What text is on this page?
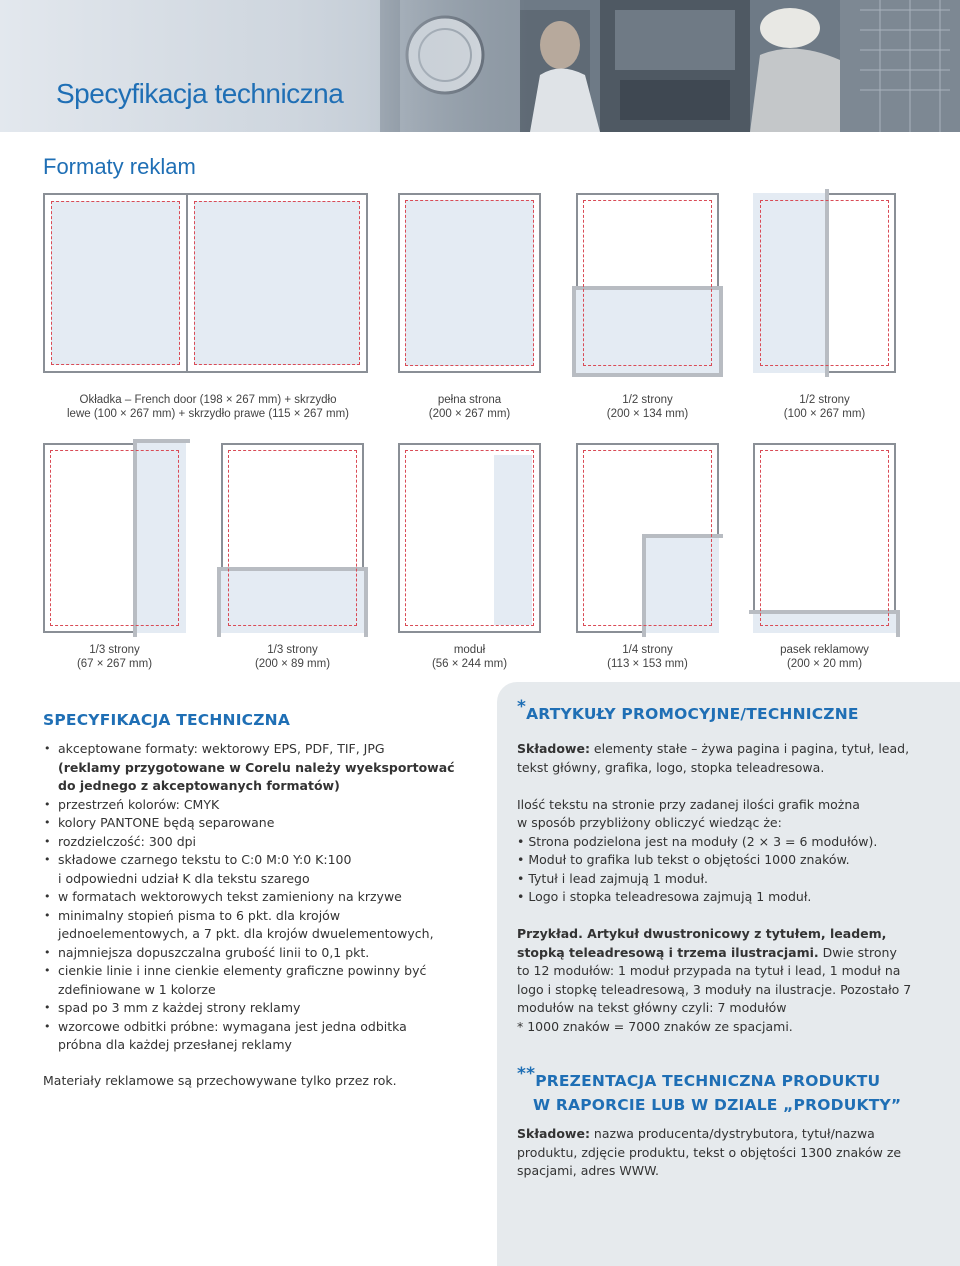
Specyfikacja techniczna
Formaty reklam
Okładka – French door (198 × 267 mm) + skrzydło
lewe (100 × 267 mm) + skrzydło prawe (115 × 267 mm)
pełna strona
(200 × 267 mm)
1/2 strony
(200 × 134 mm)
1/2 strony
(100 × 267 mm)
1/3 strony
(67 × 267 mm)
1/3 strony
(200 × 89 mm)
moduł
(56 × 244 mm)
1/4 strony
(113 × 153 mm)
pasek reklamowy
(200 × 20 mm)
SPECYFIKACJA TECHNICZNA
• akceptowane formaty: wektorowy EPS, PDF, TIF, JPG
(reklamy przygotowane w Corelu należy wyeksportować
do jednego z akceptowanych formatów)
• przestrzeń kolorów: CMYK
• kolory PANTONE będą separowane
• rozdzielczość: 300 dpi
• składowe czarnego tekstu to C:0 M:0 Y:0 K:100
i odpowiedni udział K dla tekstu szarego
• w formatach wektorowych tekst zamieniony na krzywe
• minimalny stopień pisma to 6 pkt. dla krojów
jednoelementowych, a 7 pkt. dla krojów dwuelementowych,
• najmniejsza dopuszczalna grubość linii to 0,1 pkt.
• cienkie linie i inne cienkie elementy graficzne powinny być
zdefiniowane w 1 kolorze
• spad po 3 mm z każdej strony reklamy
• wzorcowe odbitki próbne: wymagana jest jedna odbitka
próbna dla każdej przesłanej reklamy
Materiały reklamowe są przechowywane tylko przez rok.
*ARTYKUŁY PROMOCYJNE/TECHNICZNE
Składowe: elementy stałe – żywa pagina i pagina, tytuł, lead,
tekst główny, grafika, logo, stopka teleadresowa.
Ilość tekstu na stronie przy zadanej ilości grafik można
w sposób przybliżony obliczyć wiedząc że:
• Strona podzielona jest na moduły (2 × 3 = 6 modułów).
• Moduł to grafika lub tekst o objętości 1000 znaków.
• Tytuł i lead zajmują 1 moduł.
• Logo i stopka teleadresowa zajmują 1 moduł.
Przykład. Artykuł dwustronicowy z tytułem, leadem,
stopką teleadresową i trzema ilustracjami. Dwie strony
to 12 modułów: 1 moduł przypada na tytuł i lead, 1 moduł na
logo i stopkę teleadresową, 3 moduły na ilustracje. Pozostało 7
modułów na tekst główny czyli: 7 modułów
* 1000 znaków = 7000 znaków ze spacjami.
**PREZENTACJA TECHNICZNA PRODUKTU
W RAPORCIE LUB W DZIALE „PRODUKTY”
Składowe: nazwa producenta/dystrybutora, tytuł/nazwa
produktu, zdjęcie produktu, tekst o objętości 1300 znaków ze
spacjami, adres WWW.
